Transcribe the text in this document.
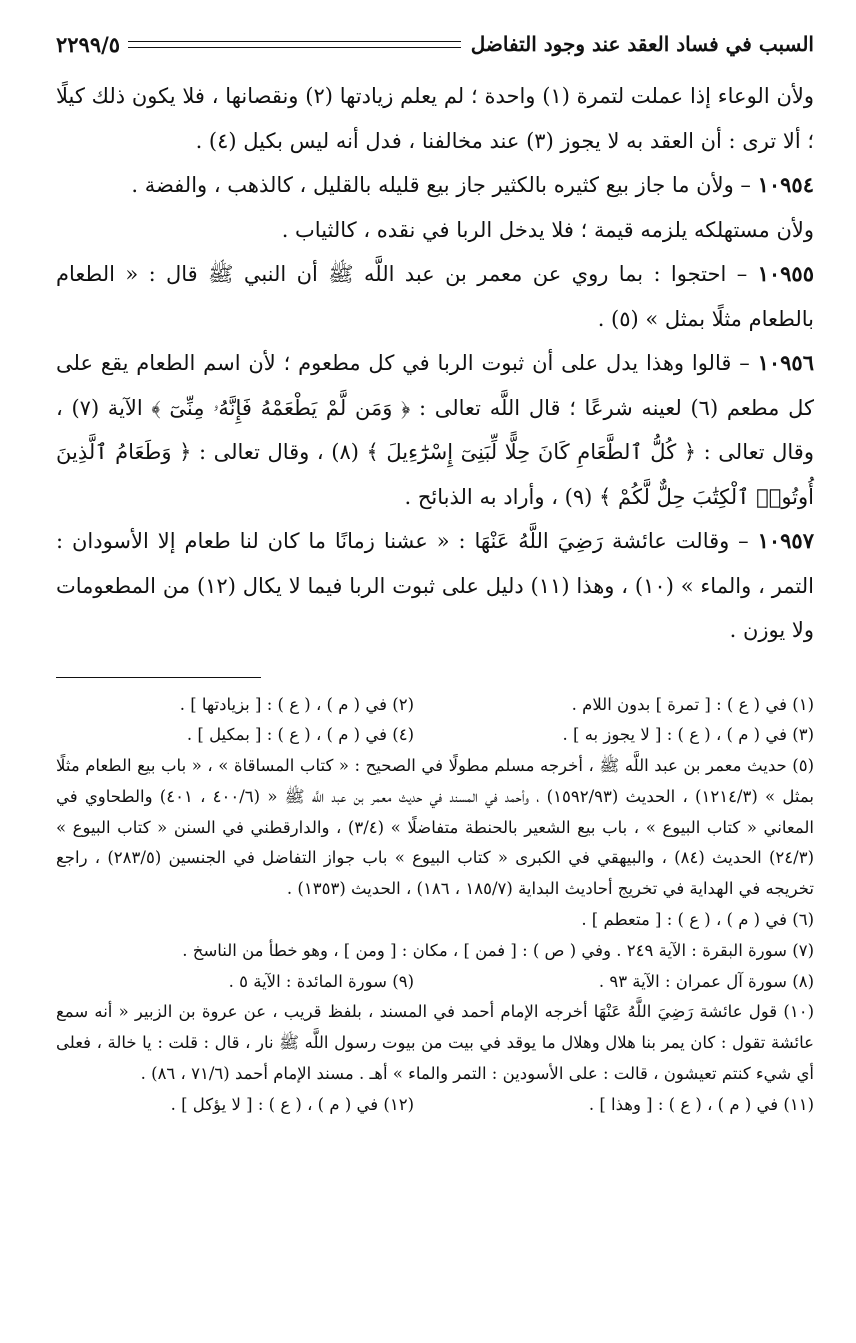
السبب في فساد العقد عند وجود التفاضل
٢٢٩٩/٥

ولأن الوعاء إذا عملت لتمرة (١) واحدة ؛ لم يعلم زيادتها (٢) ونقصانها ، فلا يكون ذلك كيلًا ؛ ألا ترى : أن العقد به لا يجوز (٣) عند مخالفنا ، فدل أنه ليس بكيل (٤) .

١٠٩٥٤ – ولأن ما جاز بيع كثيره بالكثير جاز بيع قليله بالقليل ، كالذهب ، والفضة .

ولأن مستهلكه يلزمه قيمة ؛ فلا يدخل الربا في نقده ، كالثياب .

١٠٩٥٥ – احتجوا : بما روي عن معمر بن عبد اللَّه ﷺ أن النبي ﷺ قال : « الطعام بالطعام مثلًا بمثل » (٥) .

١٠٩٥٦ – قالوا وهذا يدل على أن ثبوت الربا في كل مطعوم ؛ لأن اسم الطعام يقع على كل مطعم (٦) لعينه شرعًا ؛ قال اللَّه تعالى : ﴿ وَمَن لَّمْ يَطْعَمْهُ فَإِنَّهُۥ مِنِّىٓ ﴾ الآية (٧) ، وقال تعالى : ﴿ كُلُّ ٱلطَّعَامِ كَانَ حِلًّا لِّبَنِىٓ إِسْرَٰٓءِيلَ ﴾ (٨) ، وقال تعالى : ﴿ وَطَعَامُ ٱلَّذِينَ أُوتُوا۟ ٱلْكِتَٰبَ حِلٌّ لَّكُمْ ﴾ (٩) ، وأراد به الذبائح .

١٠٩٥٧ – وقالت عائشة رَضِيَ اللَّهُ عَنْهَا : « عشنا زمانًا ما كان لنا طعام إلا الأسودان : التمر ، والماء » (١٠) ، وهذا (١١) دليل على ثبوت الربا فيما لا يكال (١٢) من المطعومات ولا يوزن .

(١) في ( ع ) : [ تمرة ] بدون اللام .
(٢) في ( م ) ، ( ع ) : [ بزيادتها ] .
(٣) في ( م ) ، ( ع ) : [ لا يجوز به ] .
(٤) في ( م ) ، ( ع ) : [ بمكيل ] .
(٥) حديث معمر بن عبد اللَّه ﷺ ، أخرجه مسلم مطولًا في الصحيح : « كتاب المساقاة » ، « باب بيع الطعام مثلًا بمثل » (١٢١٤/٣) ، الحديث (١٥٩٢/٩٣) ، وأحمد في المسند في حديث معمر بن عبد اللَّه ﷺ « (٤٠٠/٦ ، ٤٠١) والطحاوي في المعاني « كتاب البيوع » ، باب بيع الشعير بالحنطة متفاضلًا » (٣/٤) ، والدارقطني في السنن « كتاب البيوع » (٢٤/٣) الحديث (٨٤) ، والبيهقي في الكبرى « كتاب البيوع » باب جواز التفاضل في الجنسين (٢٨٣/٥) ، راجع تخريجه في الهداية في تخريج أحاديث البداية (١٨٥/٧ ، ١٨٦) ، الحديث (١٣٥٣) .
(٦) في ( م ) ، ( ع ) : [ متعطم ] .
(٧) سورة البقرة : الآية ٢٤٩ . وفي ( ص ) : [ فمن ] ، مكان : [ ومن ] ، وهو خطأ من الناسخ .
(٨) سورة آل عمران : الآية ٩٣ .
(٩) سورة المائدة : الآية ٥ .
(١٠) قول عائشة رَضِيَ اللَّهُ عَنْهَا أخرجه الإمام أحمد في المسند ، بلفظ قريب ، عن عروة بن الزبير « أنه سمع عائشة تقول : كان يمر بنا هلال وهلال ما يوقد في بيت من بيوت رسول اللَّه ﷺ نار ، قال : قلت : يا خالة ، فعلى أي شيء كنتم تعيشون ، قالت : على الأسودين : التمر والماء » أهـ . مسند الإمام أحمد (٧١/٦ ، ٨٦) .
(١١) في ( م ) ، ( ع ) : [ وهذا ] .
(١٢) في ( م ) ، ( ع ) : [ لا يؤكل ] .
